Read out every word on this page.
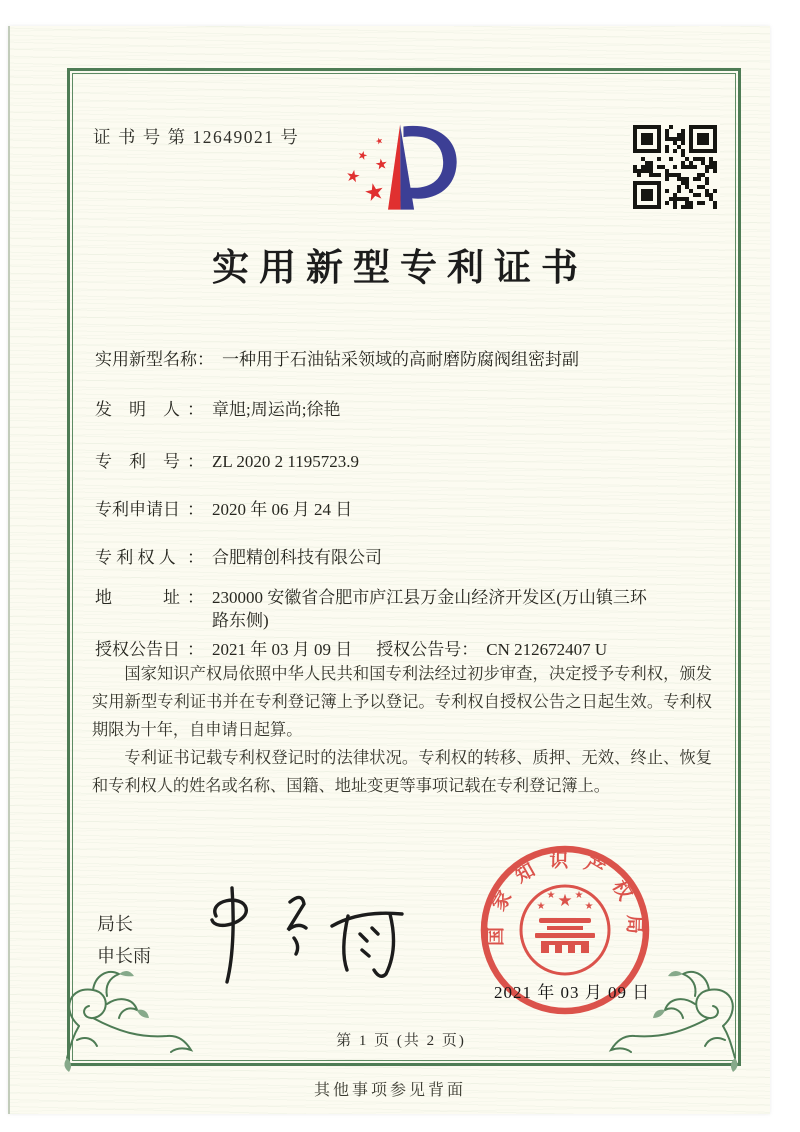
证 书 号 第 12649021 号
★
★
★
★
★
实用新型专利证书
实用新型名称 ： 一种用于石油钻采领域的高耐磨防腐阀组密封副
发　明　人 ： 章旭;周运尚;徐艳
专　利　号 ： ZL 2020 2 1195723.9
专利申请日 ： 2020 年 06 月 24 日
专 利 权 人 ： 合肥精创科技有限公司
地　　　址 ： 230000 安徽省合肥市庐江县万金山经济开发区(万山镇三环路东侧)
授权公告日 ： 2021 年 03 月 09 日 授权公告号 ： CN 212672407 U

国家知识产权局依照中华人民共和国专利法经过初步审查，决定授予专利权，颁发实用新型专利证书并在专利登记簿上予以登记。专利权自授权公告之日起生效。专利权期限为十年，自申请日起算。

专利证书记载专利权登记时的法律状况。专利权的转移、质押、无效、终止、恢复和专利权人的姓名或名称、国籍、地址变更等事项记载在专利登记簿上。

局长
申长雨
国家知识产权局
★
★
★ ★
★
2021 年 03 月 09 日
第 1 页 (共 2 页)
其他事项参见背面
